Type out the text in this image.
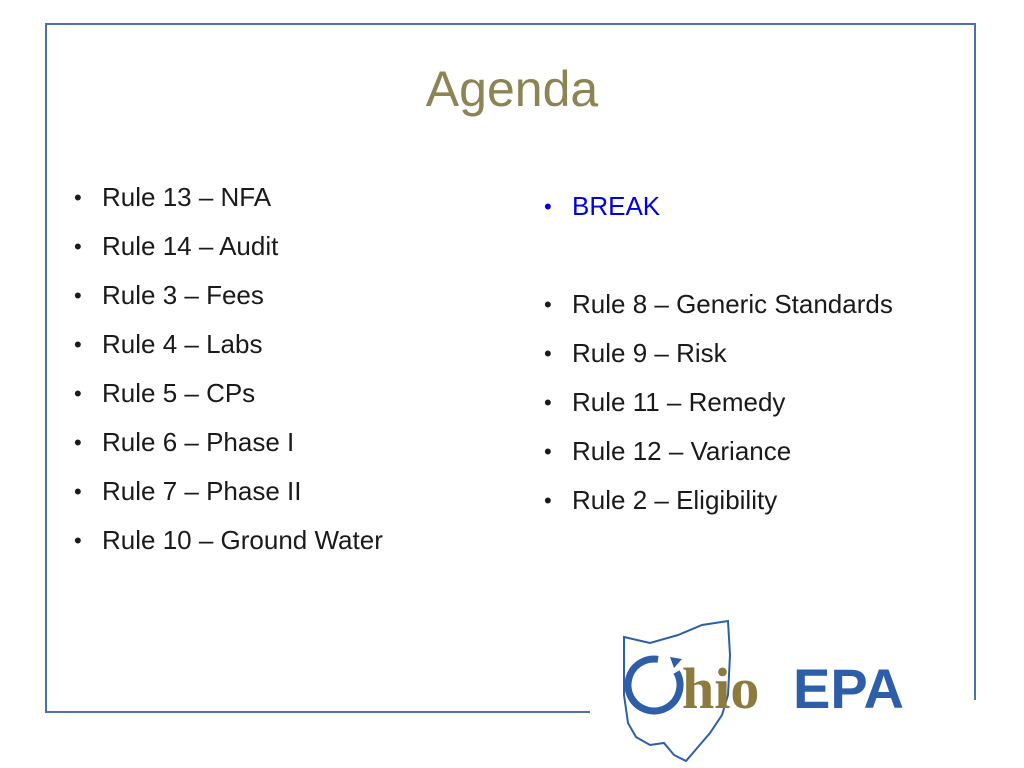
Agenda
• Rule 13 – NFA
• Rule 14 – Audit
• Rule 3 – Fees
• Rule 4 – Labs
• Rule 5 – CPs
• Rule 6 – Phase I
• Rule 7 – Phase II
• Rule 10 – Ground Water
• BREAK
• Rule 8 – Generic Standards
• Rule 9 – Risk
• Rule 11 – Remedy
• Rule 12 – Variance
• Rule 2 – Eligibility
hio EPA
